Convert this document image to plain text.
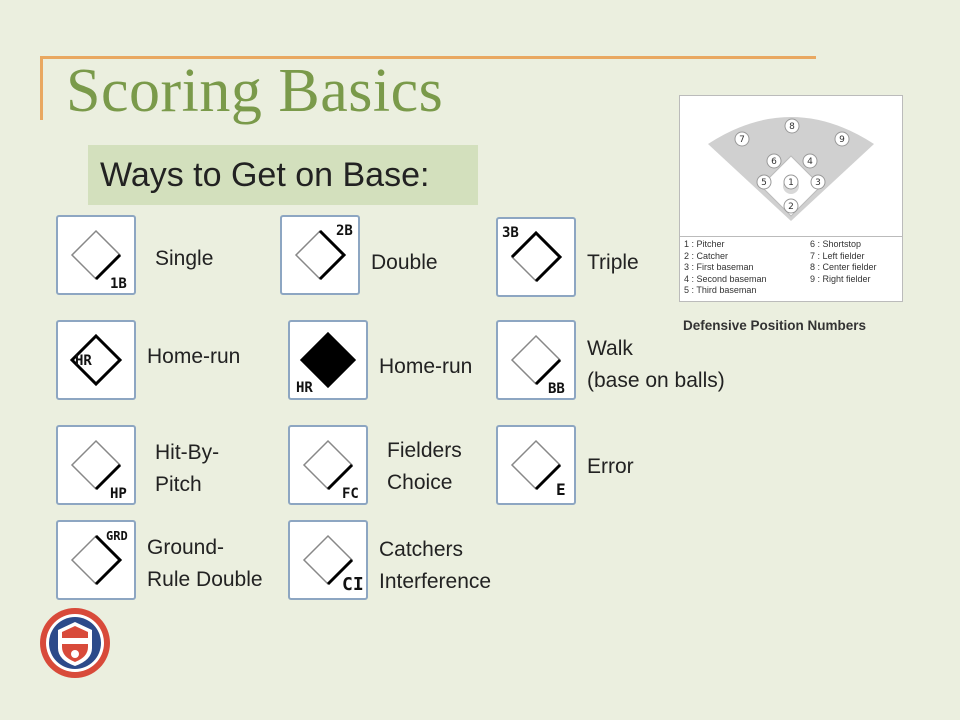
Scoring Basics
Ways to Get on Base:
1B
Single
2B
Double
3B
Triple
HR	Home-run
HR
Home-run
BB
Walk
(base on balls)
HP
Hit-By-
Pitch	FC
Fielders
Choice	E
Error
GRD Ground-
Rule Double	CI
Catchers
Interference
8
7	9
6	4
5 1 3
2
1 : Pitcher
2 : Catcher
3 : First baseman
4 : Second baseman
5 : Third baseman
6 : Shortstop
7 : Left fielder
8 : Center fielder
9 : Right fielder
Defensive Position Numbers
